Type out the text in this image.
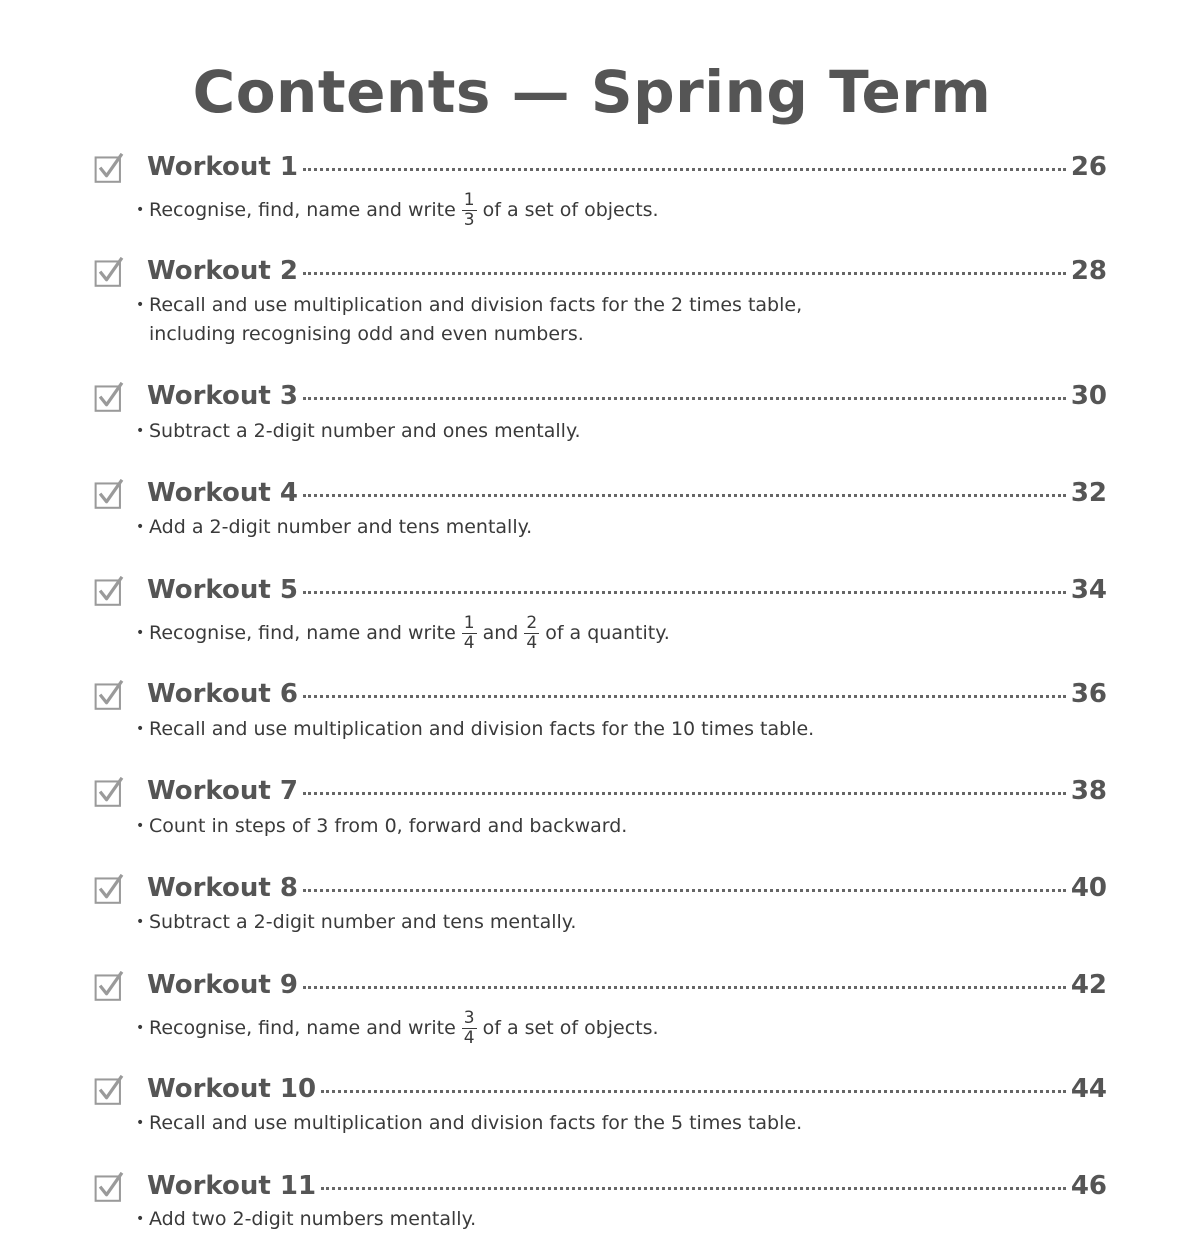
Contents — Spring Term
Workout 1	26
• Recognise, find, name and write $\frac{1}{3}$ of a set of objects.
Workout 2	28
• Recall and use multiplication and division facts for the 2 times table,
including recognising odd and even numbers.
Workout 3	30
• Subtract a 2-digit number and ones mentally.
Workout 4	32
• Add a 2-digit number and tens mentally.
Workout 5	34
• Recognise, find, name and write $\frac{1}{4}$ and $\frac{2}{4}$ of a quantity.
Workout 6	36
• Recall and use multiplication and division facts for the 10 times table.
Workout 7	38
• Count in steps of 3 from 0, forward and backward.
Workout 8	40
• Subtract a 2-digit number and tens mentally.
Workout 9	42
• Recognise, find, name and write $\frac{3}{4}$ of a set of objects.
Workout 10	44
• Recall and use multiplication and division facts for the 5 times table.
Workout 11	46
• Add two 2-digit numbers mentally.
